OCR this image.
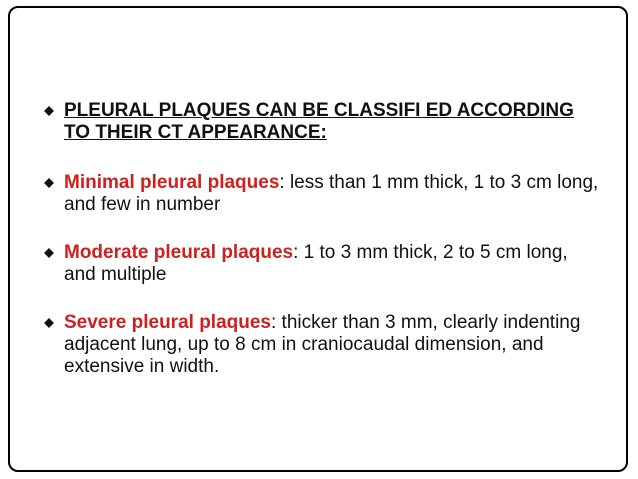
PLEURAL PLAQUES CAN BE CLASSIFI ED ACCORDING TO THEIR CT APPEARANCE:
Minimal pleural plaques: less than 1 mm thick, 1 to 3 cm long, and few in number
Moderate pleural plaques: 1 to 3 mm thick, 2 to 5 cm long, and multiple
Severe pleural plaques: thicker than 3 mm, clearly indenting adjacent lung, up to 8 cm in craniocaudal dimension, and extensive in width.
